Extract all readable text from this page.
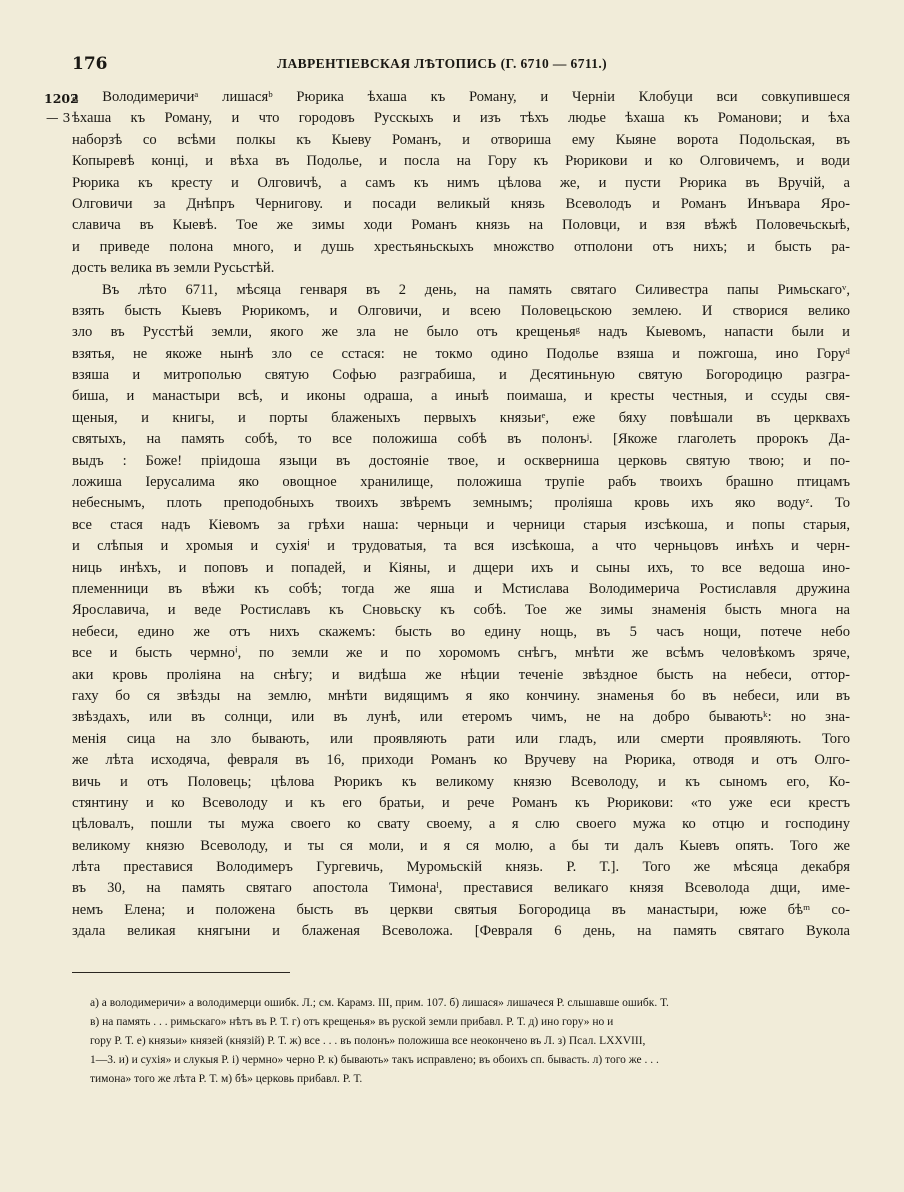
176	ЛАВРЕНТІЕВСКАЯ ЛѢТОПИСЬ (Г. 6710 — 6711.)
1202
— 3
а Володимеричиᵃ лишасяᵇ Рюрика ѣхаша къ Роману, и Черніи Клобуци вси совкупившеся
ѣхаша къ Роману, и что городовъ Русскыхъ и изъ тѣхъ людье ѣхаша къ Романови; и ѣха
наборзѣ со всѣми полкы къ Кыеву Романъ, и отвориша ему Кыяне ворота Подольская, въ
Копыревѣ концi, и вѣха въ Подолье, и посла на Гору къ Рюрикови и ко Олговичемъ, и води
Рюрика къ кресту и Олговичѣ, а самъ къ нимъ цѣлова же, и пусти Рюрика въ Вручій, а
Олговичи за Днѣпръ Чернигову. и посади великый князь Всеволодъ и Романъ Инъвара Яро-
славича въ Кыевѣ. Тое же зимы ходи Романъ князь на Половци, и взя вѣжѣ Половечьскыѣ,
и приведе полона много, и душь хрестьяньскыхъ множство отполони отъ нихъ; и бысть ра-
дость велика въ земли Русьстѣй.
Въ лѣто 6711, мѣсяца генваря въ 2 день, на память святаго Силивестра папы Римьскагоᵛ,
взять бысть Кыевъ Рюрикомъ, и Олговичи, и всею Половецьскою землею. И створися велико
зло въ Русстѣй земли, якого же зла не было отъ крещеньяᵍ надъ Кыевомъ, напасти были и
взятья, не якоже нынѣ зло се сстася: не токмо одино Подолье взяша и пожгоша, ино Горуᵈ
взяша и митрополью святую Софью разграбиша, и Десятиньную святую Богородицю разгра-
биша, и манастыри всѣ, и иконы одраша, а иныѣ поимаша, и кресты честныя, и ссуды свя-
щеныя, и книгы, и порты блаженыхъ первыхъ князьиᵉ, еже бяху повѣшали въ церквахъ
святыхъ, на память собѣ, то все положиша собѣ въ полонъʲ. [Якоже глаголеть пророкъ Да-
выдъ : Боже! пріидоша языци въ достояніе твое, и оскверниша церковь святую твою; и по-
ложиша Іерусалима яко овощное хранилище, положиша трупіе рабъ твоихъ брашно птицамъ
небеснымъ, плоть преподобныхъ твоихъ звѣремъ земнымъ; проліяша кровь ихъ яко водуᶻ. То
все стася надъ Кіевомъ за грѣхи наша: черньци и черници старыя изсѣкоша, и попы старыя,
и слѣпыя и хромыя и сухіяⁱ и трудоватыя, та вся изсѣкоша, а что черньцовъ инѣхъ и черн-
ниць инѣхъ, и поповъ и попадей, и Кіяны, и дщери ихъ и сыны ихъ, то все ведоша ино-
племенници въ вѣжи къ собѣ; тогда же яша и Мстислава Володимерича Ростиславля дружина
Ярославича, и веде Ростиславъ къ Сновьску къ собѣ. Тое же зимы знаменія бысть многа на
небеси, едино же отъ нихъ скажемъ: бысть во едину нощь, въ 5 часъ нощи, потече небо
все и бысть чермноⁱ, по земли же и по хоромомъ снѣгъ, мнѣти же всѣмъ человѣкомъ зряче,
аки кровь проліяна на снѣгу; и видѣша же нѣции теченіе звѣздное бысть на небеси, оттор-
гаху бо ся звѣзды на землю, мнѣти видящимъ я яко кончину. знаменья бо въ небеси, или въ
звѣздахъ, или въ солнци, или въ лунѣ, или етеромъ чимъ, не на добро бываютьᵏ: но зна-
менія сица на зло бывають, или проявляють рати или гладъ, или смерти проявляють. Того
же лѣта исходяча, февраля въ 16, приходи Романъ ко Вручеву на Рюрика, отводя и отъ Олго-
вичь и отъ Половець; цѣлова Рюрикъ къ великому князю Всеволоду, и къ сыномъ его, Ко-
стянтину и ко Всеволоду и къ его братьи, и рече Романъ къ Рюрикови: «то уже еси крестъ
цѣловалъ, пошли ты мужа своего ко свату своему, а я слю своего мужа ко отцю и господину
великому князю Всеволоду, и ты ся моли, и я ся молю, а бы ти далъ Кыевъ опять. Того же
лѣта преставися Володимеръ Гургевичь, Муромьскій князь. Р. Т.]. Того же мѣсяца декабря
въ 30, на память святаго апостола Тимонаˡ, преставися великаго князя Всеволода дщи, име-
немъ Елена; и положена бысть въ церкви святыя Богородица въ манастыри, юже бѣᵐ со-
здала великая княгыни и блаженая Всеволожа. [Февраля 6 день, на память святаго Вукола
а) а володимеричи» а володимерци ошибк. Л.; см. Карамз. III, прим. 107. б) лишася» лишачеся Р. слышавше ошибк. Т.
в) на память . . . римьскаго» нѣтъ въ Р. Т. г) отъ крещенья» въ руской земли прибавл. Р. Т. д) ино гору» но и
гору Р. Т. е) князьи» князей (князій) Р. Т. ж) все . . . въ полонъ» положиша все неокончено въ Л. з) Псал. LXXVIII,
1—3. и) и сухія» и слукыя Р. і) чермно» черно Р. к) бывають» такъ исправлено; въ обоихъ сп. бывасть. л) того же . . .
тимона» того же лѣта Р. Т. м) бѣ» церковь прибавл. Р. Т.
